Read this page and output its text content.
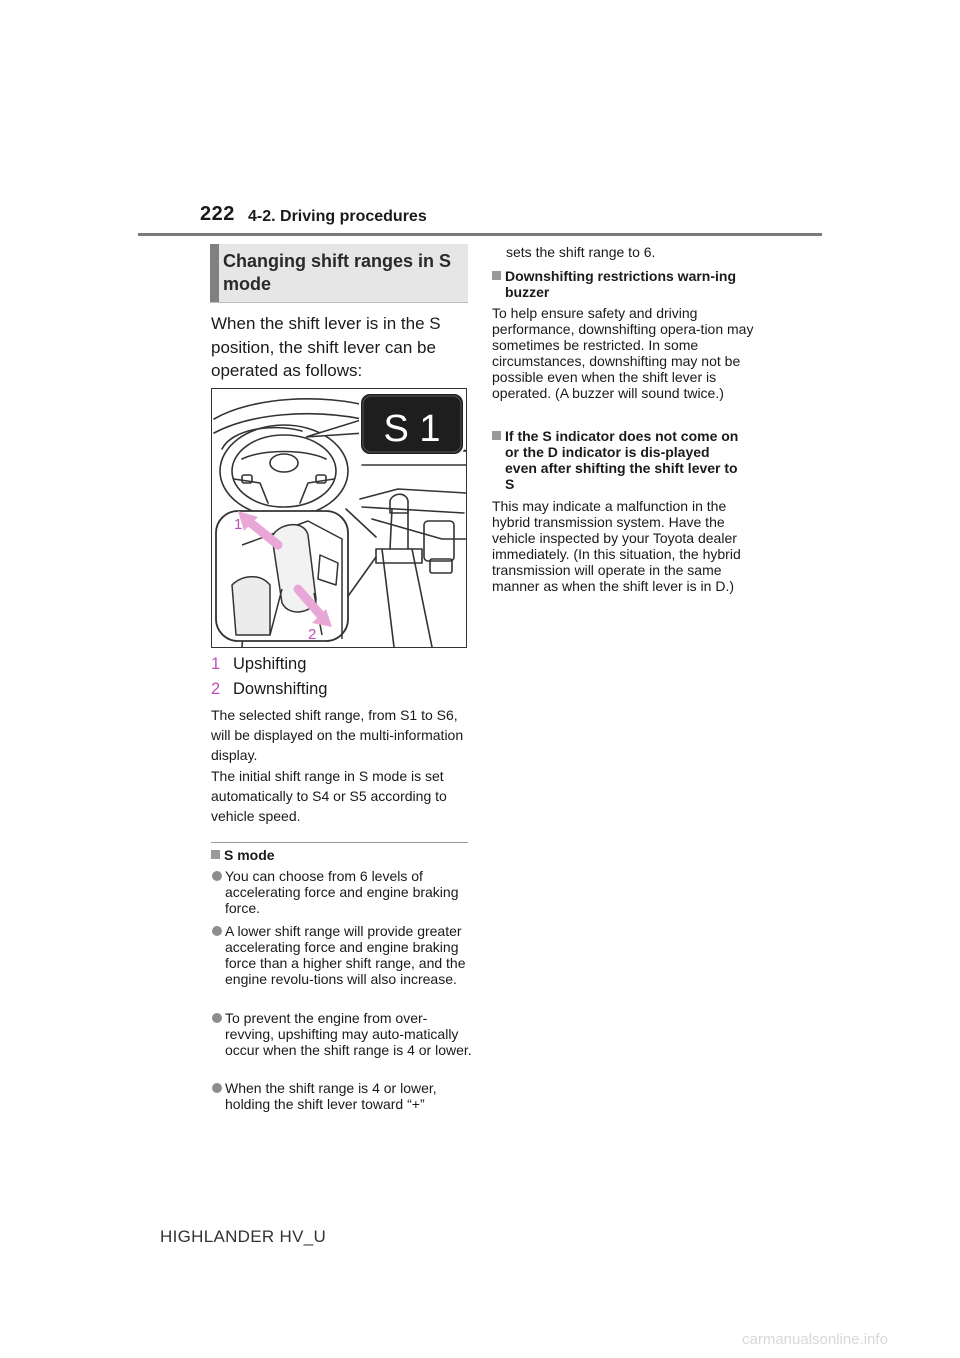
222 4-2. Driving procedures
Changing shift ranges in S mode
When the shift lever is in the S position, the shift lever can be operated as follows:
S 1
1
2
1 Upshifting
2 Downshifting
The selected shift range, from S1 to S6, will be displayed on the multi-information display.
The initial shift range in S mode is set automatically to S4 or S5 according to vehicle speed.
S mode
You can choose from 6 levels of accelerating force and engine braking force.
A lower shift range will provide greater accelerating force and engine braking force than a higher shift range, and the engine revolu-tions will also increase.
To prevent the engine from over-revving, upshifting may auto-matically occur when the shift range is 4 or lower.
When the shift range is 4 or lower, holding the shift lever toward “+”
sets the shift range to 6.
Downshifting restrictions warn-ing buzzer
To help ensure safety and driving performance, downshifting opera-tion may sometimes be restricted. In some circumstances, downshifting may not be possible even when the shift lever is operated. (A buzzer will sound twice.)
If the S indicator does not come on or the D indicator is dis-played even after shifting the shift lever to S
This may indicate a malfunction in the hybrid transmission system. Have the vehicle inspected by your Toyota dealer immediately. (In this situation, the hybrid transmission will operate in the same manner as when the shift lever is in D.)
HIGHLANDER HV_U
carmanualsonline.info
